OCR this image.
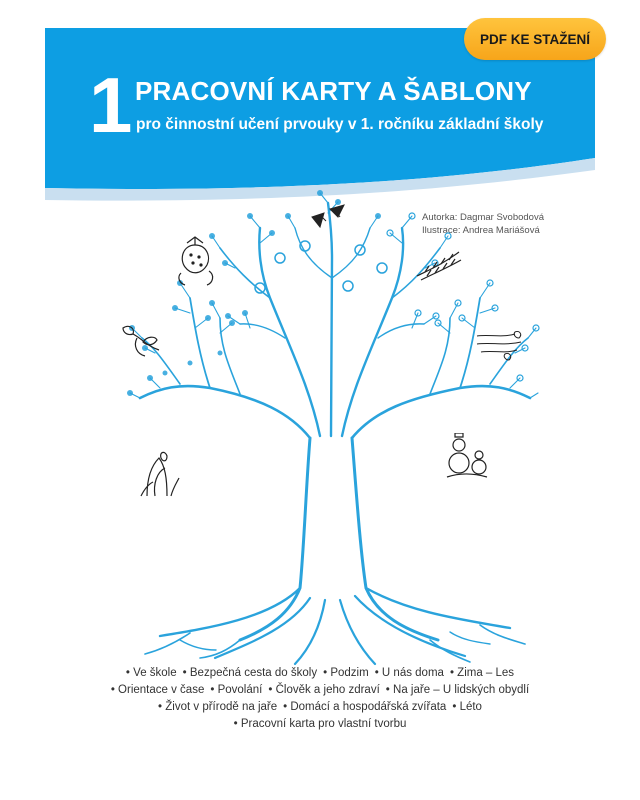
PDF KE STAŽENÍ
1 PRACOVNÍ KARTY A ŠABLONY
pro činnostní učení prvouky v 1. ročníku základní školy
Autorka: Dagmar Svobodová
Ilustrace: Andrea Mariášová
• Ve škole • Bezpečná cesta do školy • Podzim • U nás doma • Zima – Les
• Orientace v čase • Povolání • Člověk a jeho zdraví • Na jaře – U lidských obydlí
• Život v přírodě na jaře • Domácí a hospodářská zvířata • Léto
• Pracovní karta pro vlastní tvorbu
